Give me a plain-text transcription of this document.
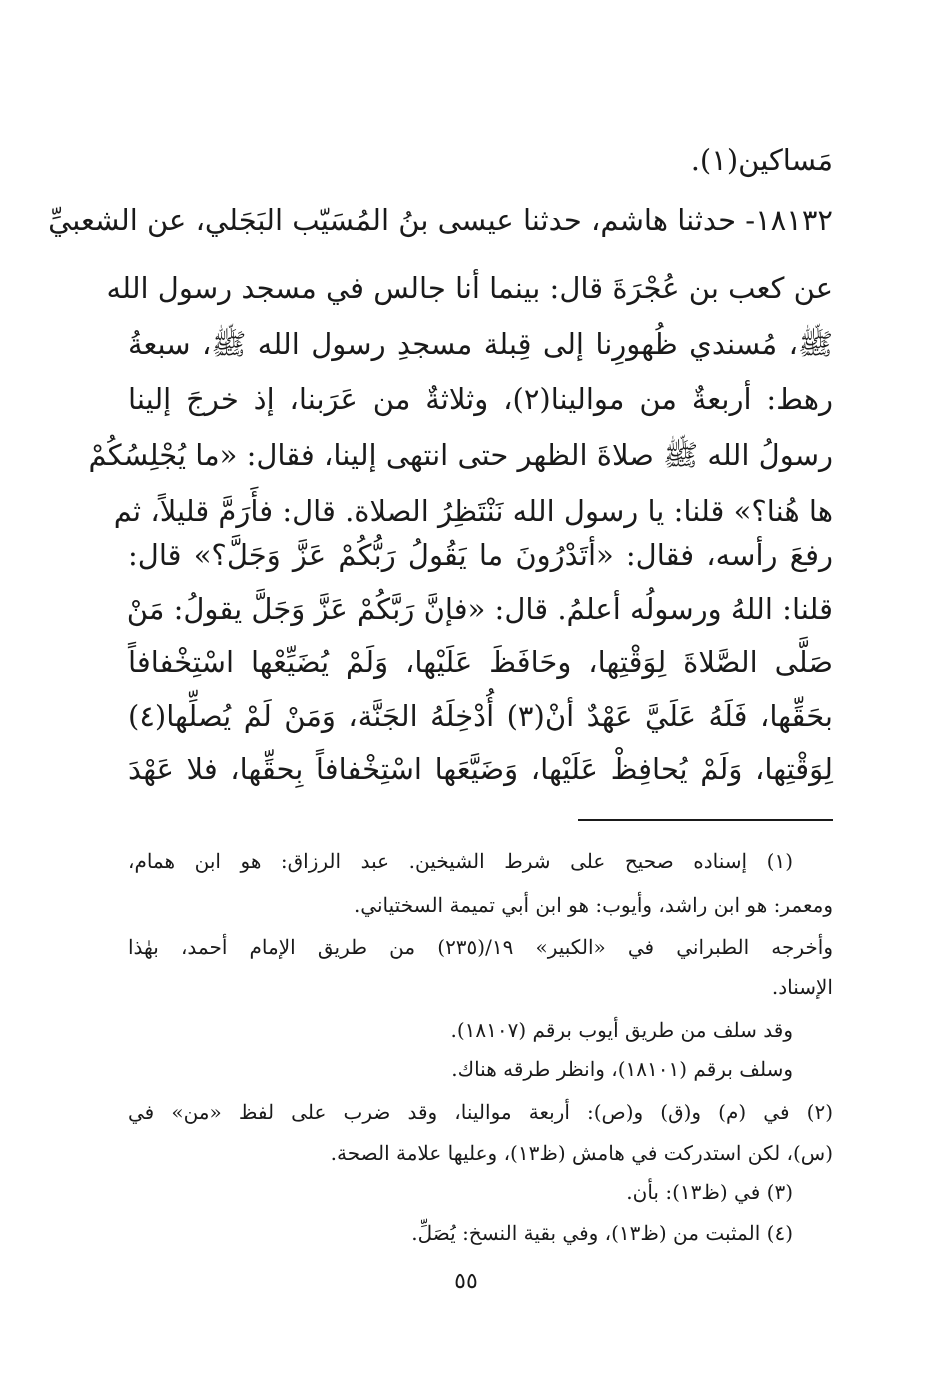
مَساكين(١).
١٨١٣٢- حدثنا هاشم، حدثنا عيسى بنُ المُسَيّب البَجَلي، عن الشعبيِّ
عن كعب بن عُجْرَةَ قال: بينما أنا جالس في مسجد رسول الله
ﷺ، مُسندي ظُهورِنا إلى قِبلة مسجدِ رسول الله ﷺ، سبعةُ
رهط: أربعةٌ من موالينا(٢)، وثلاثةٌ من عَرَبنا، إذ خرجَ إلينا
رسولُ الله ﷺ صلاةَ الظهر حتى انتهى إلينا، فقال: «ما يُجْلِسُكُمْ
ها هُنا؟» قلنا: يا رسول الله نَنْتَظِرُ الصلاة. قال: فأَرَمَّ قليلاً، ثم
رفعَ رأسه، فقال: «أتَدْرُونَ ما يَقُولُ رَبُّكُمْ عَزَّ وَجَلَّ؟» قال:
قلنا: اللهُ ورسولُه أعلمُ. قال: «فإنَّ رَبَّكُمْ عَزَّ وَجَلَّ يقولُ: مَنْ
صَلَّى الصَّلاةَ لِوَقْتِها، وحَافَظَ عَلَيْها، وَلَمْ يُضَيِّعْها اسْتِخْفافاً
بحَقِّها، فَلَهُ عَلَيَّ عَهْدٌ أنْ(٣) أُدْخِلَهُ الجَنَّة، وَمَنْ لَمْ يُصلِّها(٤)
لِوَقْتِها، وَلَمْ يُحافِظْ عَلَيْها، وَضَيَّعَها اسْتِخْفافاً بِحقِّها، فلا عَهْدَ
(١) إسناده صحيح على شرط الشيخين. عبد الرزاق: هو ابن همام،
ومعمر: هو ابن راشد، وأيوب: هو ابن أبي تميمة السختياني.
وأخرجه الطبراني في «الكبير» ١٩/(٢٣٥) من طريق الإمام أحمد، بهٰذا
الإسناد.
وقد سلف من طريق أيوب برقم (١٨١٠٧).
وسلف برقم (١٨١٠١)، وانظر طرقه هناك.
(٢) في (م) و(ق) و(ص): أربعة موالينا، وقد ضرب على لفظ «من» في
(س)، لكن استدركت في هامش (ظ١٣)، وعليها علامة الصحة.
(٣) في (ظ١٣): بأن.
(٤) المثبت من (ظ١٣)، وفي بقية النسخ: يُصَلِّ.
٥٥
